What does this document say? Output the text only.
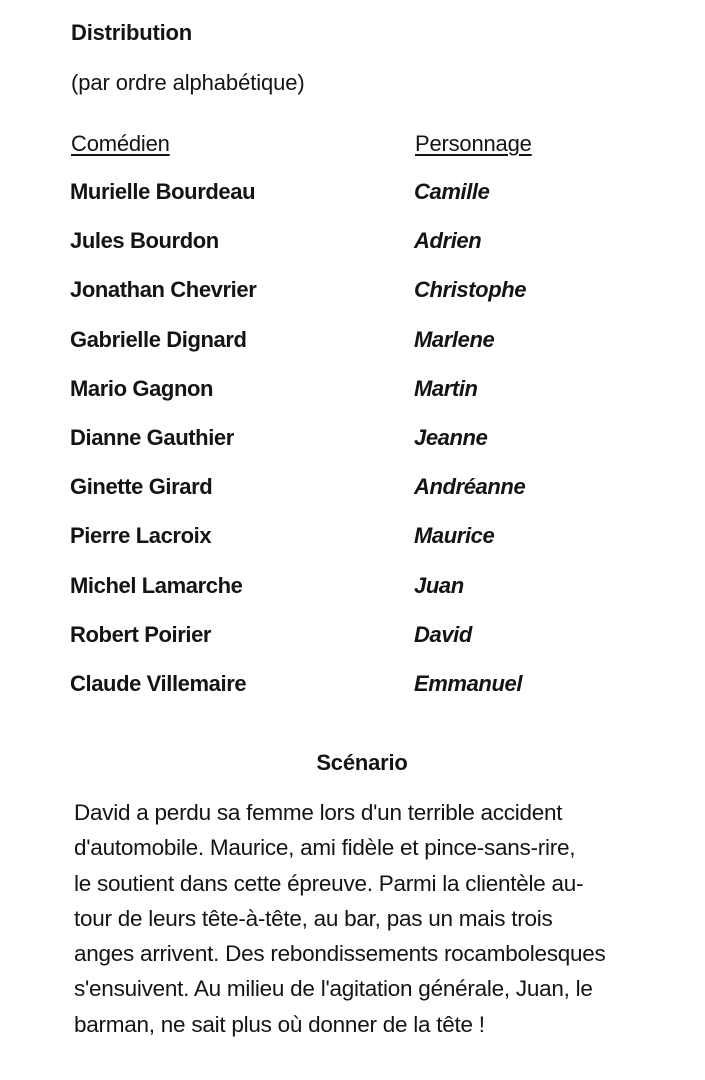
Distribution
(par ordre alphabétique)
Comédien	Personnage
Murielle Bourdeau	Camille
Jules Bourdon	Adrien
Jonathan Chevrier	Christophe
Gabrielle Dignard	Marlene
Mario Gagnon	Martin
Dianne Gauthier	Jeanne
Ginette Girard	Andréanne
Pierre Lacroix	Maurice
Michel Lamarche	Juan
Robert Poirier	David
Claude Villemaire	Emmanuel
Scénario
David a perdu sa femme lors d'un terrible accident
d'automobile. Maurice, ami fidèle et pince-sans-rire,
le soutient dans cette épreuve. Parmi la clientèle au-
tour de leurs tête-à-tête, au bar, pas un mais trois
anges arrivent. Des rebondissements rocambolesques
s'ensuivent. Au milieu de l'agitation générale, Juan, le
barman, ne sait plus où donner de la tête !
